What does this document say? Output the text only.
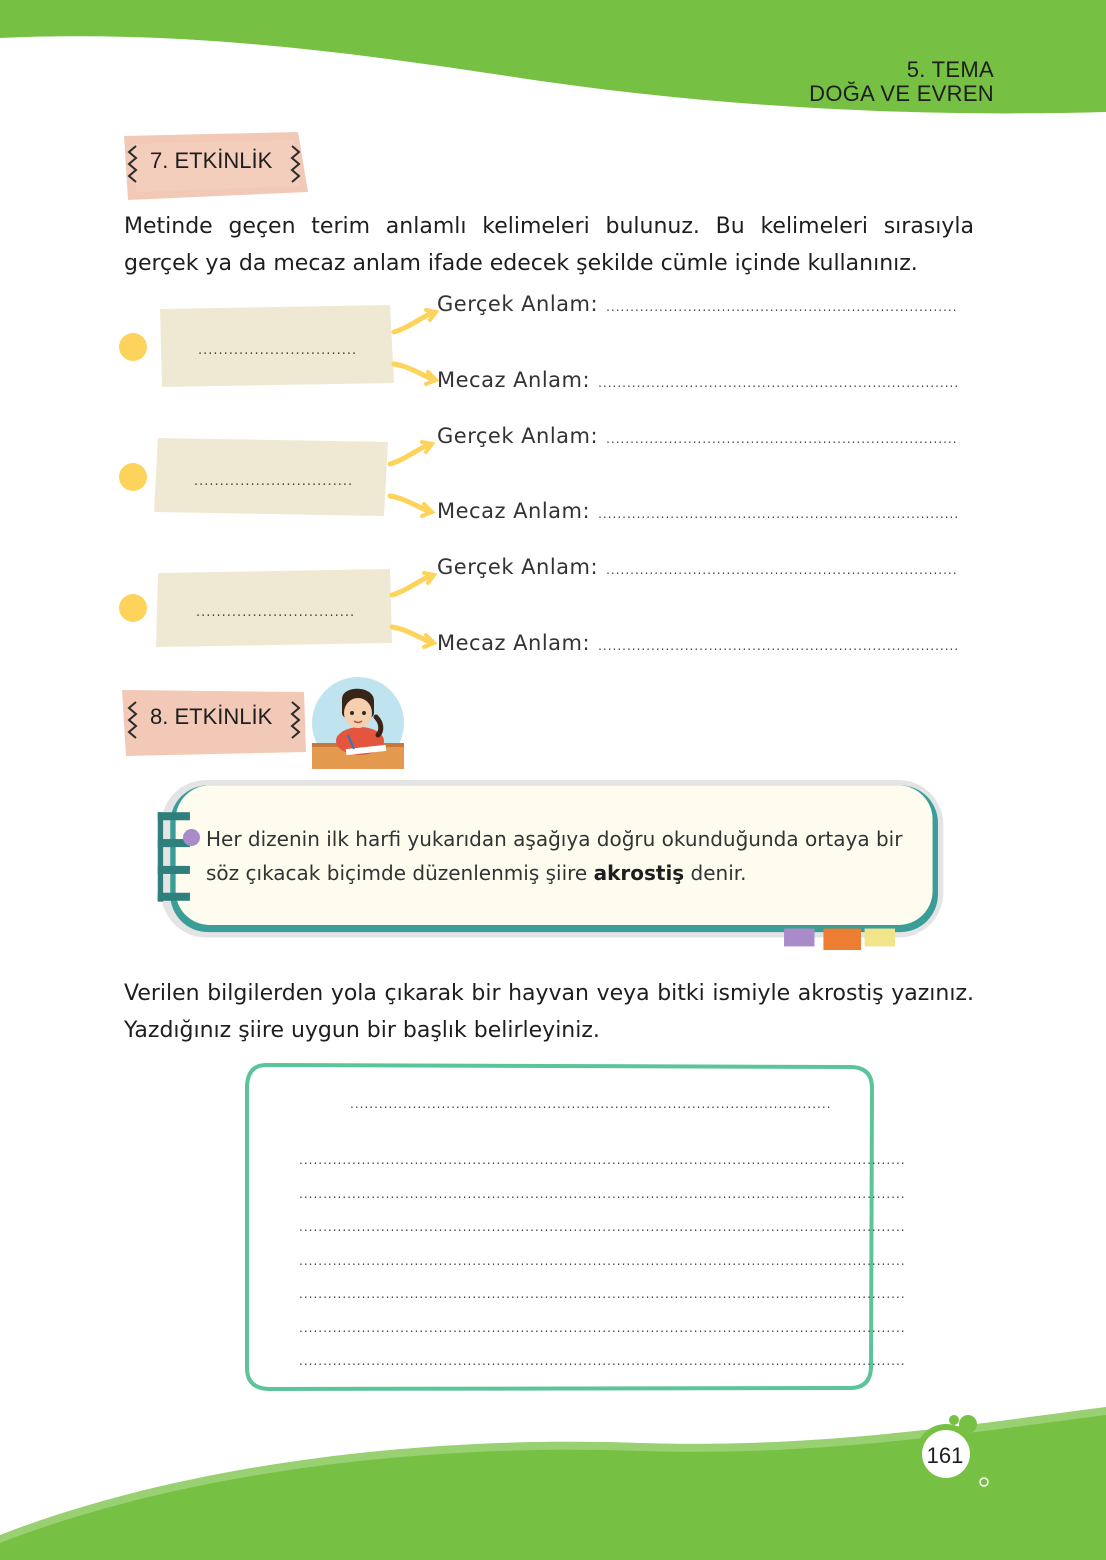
5. TEMA
DOĞA VE EVREN
7. ETKİNLİK
Metinde geçen terim anlamlı kelimeleri bulunuz. Bu kelimeleri sırasıyla gerçek ya da mecaz anlam ifade edecek şekilde cümle içinde kullanınız.
...............................
Gerçek Anlam: .........................................................................
Mecaz Anlam: ...........................................................................
...............................
Gerçek Anlam: .........................................................................
Mecaz Anlam: ...........................................................................
...............................
Gerçek Anlam: .........................................................................
Mecaz Anlam: ...........................................................................
8. ETKİNLİK
Her dizenin ilk harfi yukarıdan aşağıya doğru okunduğunda ortaya bir söz çıkacak biçimde düzenlenmiş şiire akrostiş denir.
Verilen bilgilerden yola çıkarak bir hayvan veya bitki ismiyle akrostiş yazınız. Yazdığınız şiire uygun bir başlık belirleyiniz.
....................................................................................................
..............................................................................................................................
..............................................................................................................................
..............................................................................................................................
..............................................................................................................................
..............................................................................................................................
..............................................................................................................................
..............................................................................................................................
161
